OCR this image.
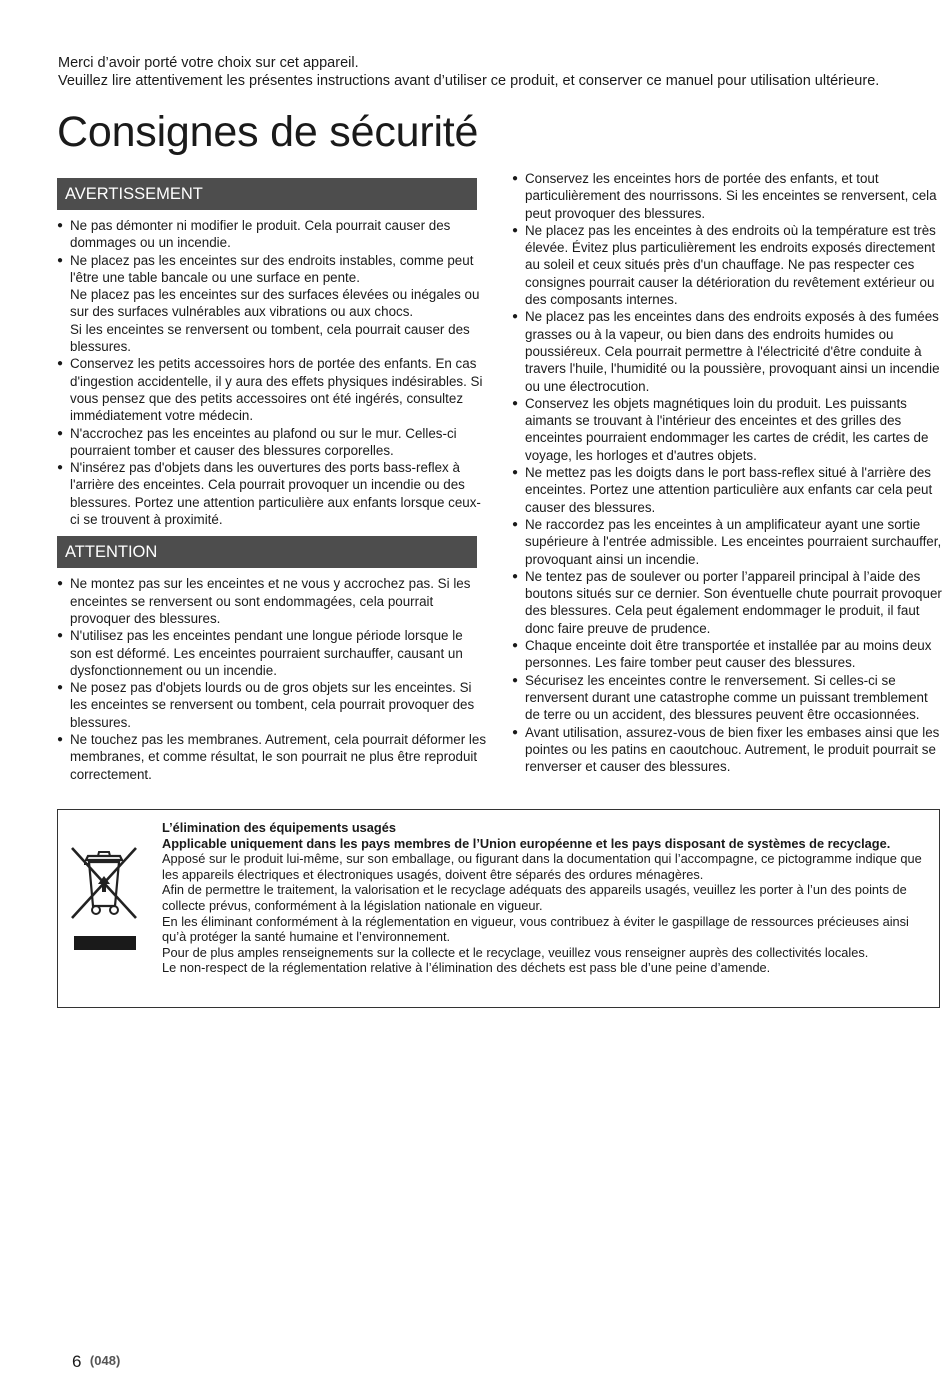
Merci d’avoir porté votre choix sur cet appareil.

Veuillez lire attentivement les présentes instructions avant d’utiliser ce produit, et conserver ce manuel pour utilisation ultérieure.

Consignes de sécurité
AVERTISSEMENT
● Ne pas démonter ni modifier le produit. Cela pourrait causer des dommages ou un incendie.
● Ne placez pas les enceintes sur des endroits instables, comme peut l'être une table bancale ou une surface en pente.
Ne placez pas les enceintes sur des surfaces élevées ou inégales ou sur des surfaces vulnérables aux vibrations ou aux chocs.
Si les enceintes se renversent ou tombent, cela pourrait causer des blessures.
● Conservez les petits accessoires hors de portée des enfants. En cas d'ingestion accidentelle, il y aura des effets physiques indésirables. Si vous pensez que des petits accessoires ont été ingérés, consultez immédiatement votre médecin.
● N'accrochez pas les enceintes au plafond ou sur le mur. Celles-ci pourraient tomber et causer des blessures corporelles.
● N'insérez pas d'objets dans les ouvertures des ports bass-reflex à l'arrière des enceintes. Cela pourrait provoquer un incendie ou des blessures. Portez une attention particulière aux enfants lorsque ceux-ci se trouvent à proximité.
ATTENTION
● Ne montez pas sur les enceintes et ne vous y accrochez pas. Si les enceintes se renversent ou sont endommagées, cela pourrait provoquer des blessures.
● N'utilisez pas les enceintes pendant une longue période lorsque le son est déformé. Les enceintes pourraient surchauffer, causant un dysfonctionnement ou un incendie.
● Ne posez pas d'objets lourds ou de gros objets sur les enceintes. Si les enceintes se renversent ou tombent, cela pourrait provoquer des blessures.
● Ne touchez pas les membranes. Autrement, cela pourrait déformer les membranes, et comme résultat, le son pourrait ne plus être reproduit correctement.
● Conservez les enceintes hors de portée des enfants, et tout particulièrement des nourrissons. Si les enceintes se renversent, cela peut provoquer des blessures.
● Ne placez pas les enceintes à des endroits où la température est très élevée. Évitez plus particulièrement les endroits exposés directement au soleil et ceux situés près d'un chauffage. Ne pas respecter ces consignes pourrait causer la détérioration du revêtement extérieur ou des composants internes.
● Ne placez pas les enceintes dans des endroits exposés à des fumées grasses ou à la vapeur, ou bien dans des endroits humides ou poussiéreux. Cela pourrait permettre à l'électricité d'être conduite à travers l'huile, l'humidité ou la poussière, provoquant ainsi un incendie ou une électrocution.
● Conservez les objets magnétiques loin du produit. Les puissants aimants se trouvant à l'intérieur des enceintes et des grilles des enceintes pourraient endommager les cartes de crédit, les cartes de voyage, les horloges et d'autres objets.
● Ne mettez pas les doigts dans le port bass-reflex situé à l'arrière des enceintes. Portez une attention particulière aux enfants car cela peut causer des blessures.
● Ne raccordez pas les enceintes à un amplificateur ayant une sortie supérieure à l'entrée admissible. Les enceintes pourraient surchauffer, provoquant ainsi un incendie.
● Ne tentez pas de soulever ou porter l’appareil principal à l’aide des boutons situés sur ce dernier. Son éventuelle chute pourrait provoquer des blessures. Cela peut également endommager le produit, il faut donc faire preuve de prudence.
● Chaque enceinte doit être transportée et installée par au moins deux personnes. Les faire tomber peut causer des blessures.
● Sécurisez les enceintes contre le renversement. Si celles-ci se renversent durant une catastrophe comme un puissant tremblement de terre ou un accident, des blessures peuvent être occasionnées.
● Avant utilisation, assurez-vous de bien fixer les embases ainsi que les pointes ou les patins en caoutchouc. Autrement, le produit pourrait se renverser et causer des blessures.

L’élimination des équipements usagés

Applicable uniquement dans les pays membres de l’Union européenne et les pays disposant de systèmes de recyclage.

Apposé sur le produit lui-même, sur son emballage, ou figurant dans la documentation qui l’accompagne, ce pictogramme indique que les appareils électriques et électroniques usagés, doivent être séparés des ordures ménagères.

Afin de permettre le traitement, la valorisation et le recyclage adéquats des appareils usagés, veuillez les porter à l’un des points de collecte prévus, conformément à la législation nationale en vigueur.

En les éliminant conformément à la réglementation en vigueur, vous contribuez à éviter le gaspillage de ressources précieuses ainsi qu’à protéger la santé humaine et l’environnement.

Pour de plus amples renseignements sur la collecte et le recyclage, veuillez vous renseigner auprès des collectivités locales.

Le non-respect de la réglementation relative à l’élimination des déchets est pass ble d’une peine d’amende.

6 (048)
